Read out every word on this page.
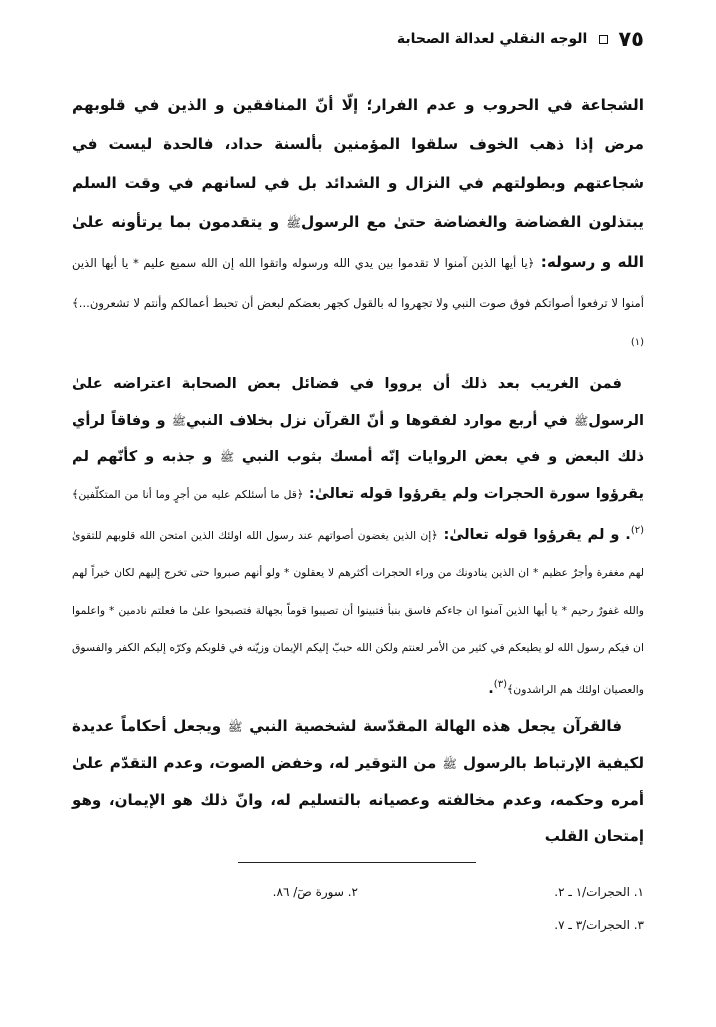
٧٥
الوجه النقلي لعدالة الصحابة

الشجاعة في الحروب و عدم الفرار؛ إلّا أنّ المنافقين و الذين في قلوبهم مرض إذا ذهب الخوف سلقوا المؤمنين بألسنة حداد، فالحدة ليست في شجاعتهم وبطولتهم في النزال و الشدائد بل في لسانهم في وقت السلم يبتذلون الفضاضة والغضاضة حتىٰ مع الرسولﷺ و يتقدمون بما يرتأونه علىٰ الله و رسوله: ﴿يا أيها الذين آمنوا لا تقدموا بين يدي الله ورسوله واتقوا الله إن الله سميع عليم * يا أيها الذين أمنوا لا ترفعوا أصواتكم فوق صوت النبي ولا تجهروا له بالقول كجهر بعضكم لبعض أن تحبط أعمالكم وأنتم لا تشعرون...﴾$^{(١)}$

فمن الغريب بعد ذلك أن يرووا في فضائل بعض الصحابة اعتراضه علىٰ الرسولﷺ في أربع موارد لفقوها و أنّ القرآن نزل بخلاف النبيﷺ و وفاقاً لرأي ذلك البعض و في بعض الروايات إنّه أمسك بثوب النبي ﷺ و جذبه و كأنّهم لم يقرؤوا سورة الحجرات ولم يقرؤوا قوله تعالىٰ: ﴿قل ما أسئلكم عليه من أجرٍ وما أنا من المتكلّفين﴾$^{(٢)}$. و لم يقرؤوا قوله تعالىٰ: ﴿إن الذين يغضون أصواتهم عند رسول الله اولئك الذين امتحن الله قلوبهم للتقوىٰ لهم مغفرة وأجرٌ عظيم * ان الذين ينادونك من وراء الحجرات أكثرهم لا يعقلون * ولو أنهم صبروا حتى تخرج إليهم لكان خيراً لهم والله غفورٌ رحيم * يا أيها الذين آمنوا ان جاءكم فاسق بنبأ فتبينوا أن تصيبوا قوماً بجهالة فتصبحوا علىٰ ما فعلتم نادمين * واعلموا ان فيكم رسول الله لو يطيعكم في كثير من الأمر لعنتم ولكن الله حببّ إليكم الإيمان وزيّنه في قلوبكم وكرّه إليكم الكفر والفسوق والعصيان اولئك هم الراشدون﴾$^{(٣)}$.

فالقرآن يجعل هذه الهالة المقدّسة لشخصية النبي ﷺ ويجعل أحكاماً عديدة لكيفية الإرتباط بالرسول ﷺ من التوقير له، وخفض الصوت، وعدم التقدّم علىٰ أمره وحكمه، وعدم مخالفته وعصيانه بالتسليم له، وانّ ذلك هو الإيمان، وهو إمتحان القلب

١. الحجرات/١ ـ ٢.
٢. سورة صٓ/ ٨٦.
٣. الحجرات/٣ ـ ٧.
